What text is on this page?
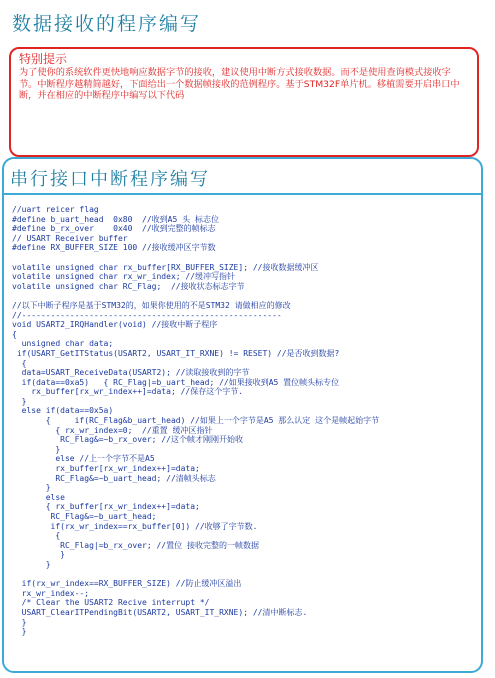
数据接收的程序编写
特别提示
为了使你的系统软件更快地响应数据字节的接收，建议使用中断方式接收数据。而不是使用查询模式接收字节。中断程序越精简越好，下面给出一个数据帧接收的范例程序。基于STM32F单片机。移植需要开启串口中断，并在相应的中断程序中编写以下代码
串行接口中断程序编写
//uart reicer flag
#define b_uart_head  0x80  //收到A5 头 标志位
#define b_rx_over    0x40  //收到完整的帧标志
// USART Receiver buffer
#define RX_BUFFER_SIZE 100 //接收缓冲区字节数
volatile unsigned char rx_buffer[RX_BUFFER_SIZE]; //接收数据缓冲区
volatile unsigned char rx_wr_index; //缓冲写指针
volatile unsigned char RC_Flag;  //接收状态标志字节
//以下中断子程序是基于STM32的，如果你使用的不是STM32 请做相应的修改
//------------------------------------------------------
void USART2_IRQHandler(void) //接收中断子程序
{
unsigned char data;
if(USART_GetITStatus(USART2, USART_IT_RXNE) != RESET) //是否收到数据?
{
data=USART_ReceiveData(USART2); //读取接收到的字节
if(data==0xa5)   { RC_Flag|=b_uart_head; //如果接收到A5 置位帧头标专位
rx_buffer[rx_wr_index++]=data; //保存这个字节.
}
else if(data==0x5a)
{     if(RC_Flag&b_uart_head) //如果上一个字节是A5 那么认定 这个是帧起始字节
{ rx_wr_index=0;  //重置 缓冲区指针
RC_Flag&=~b_rx_over; //这个帧才刚刚开始收
}
else //上一个字节不是A5
rx_buffer[rx_wr_index++]=data;
RC_Flag&=~b_uart_head; //清帧头标志
}
else
{ rx_buffer[rx_wr_index++]=data;
RC_Flag&=~b_uart_head;
if(rx_wr_index==rx_buffer[0]) //收够了字节数.
{
RC_Flag|=b_rx_over; //置位 接收完整的一帧数据
}
}
if(rx_wr_index==RX_BUFFER_SIZE) //防止缓冲区溢出
rx_wr_index--;
/* Clear the USART2 Recive interrupt */
USART_ClearITPendingBit(USART2, USART_IT_RXNE); //清中断标志.
}
}
